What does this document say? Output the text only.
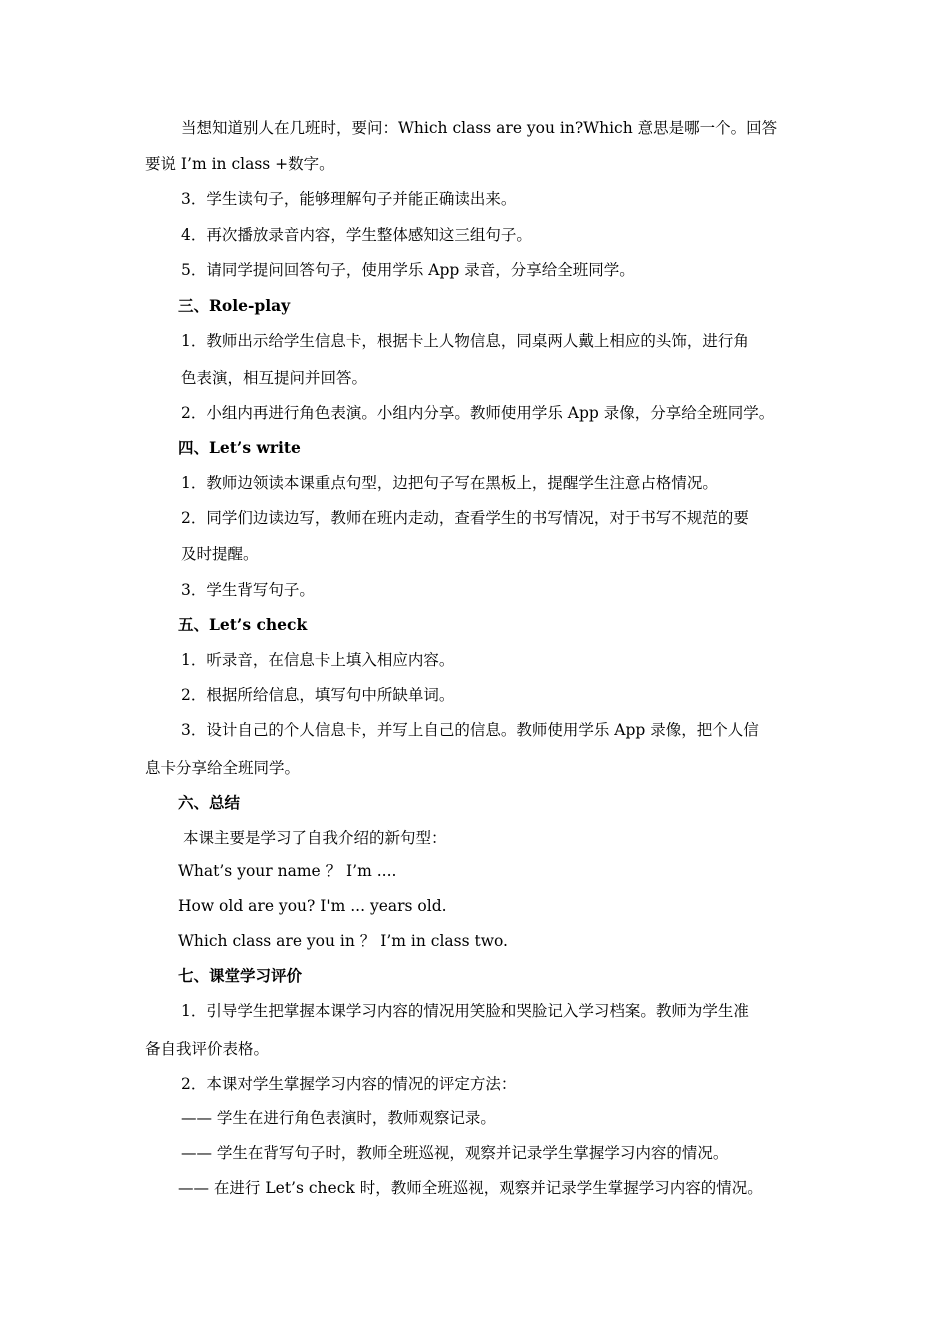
当想知道别人在几班时，要问：Which class are you in?Which 意思是哪一个。回答
要说 I’m in class +数字。
3．学生读句子，能够理解句子并能正确读出来。
4．再次播放录音内容，学生整体感知这三组句子。
5．请同学提问回答句子，使用学乐 App 录音，分享给全班同学。
三、Role-play
1．教师出示给学生信息卡，根据卡上人物信息，同桌两人戴上相应的头饰，进行角
色表演，相互提问并回答。
2．小组内再进行角色表演。小组内分享。教师使用学乐 App 录像，分享给全班同学。
四、Let’s write
1．教师边领读本课重点句型，边把句子写在黑板上，提醒学生注意占格情况。
2．同学们边读边写，教师在班内走动，查看学生的书写情况，对于书写不规范的要
及时提醒。
3．学生背写句子。
五、Let’s check
1．听录音，在信息卡上填入相应内容。
2．根据所给信息，填写句中所缺单词。
3．设计自己的个人信息卡，并写上自己的信息。教师使用学乐 App 录像，把个人信
息卡分享给全班同学。
六、总结
本课主要是学习了自我介绍的新句型：
What’s your name ？ I’m ....
How old are you? I'm ... years old.
Which class are you in ？ I’m in class two.
七、课堂学习评价
1．引导学生把掌握本课学习内容的情况用笑脸和哭脸记入学习档案。教师为学生准
备自我评价表格。
2．本课对学生掌握学习内容的情况的评定方法：
—— 学生在进行角色表演时，教师观察记录。
—— 学生在背写句子时，教师全班巡视，观察并记录学生掌握学习内容的情况。
—— 在进行 Let’s check 时，教师全班巡视，观察并记录学生掌握学习内容的情况。
